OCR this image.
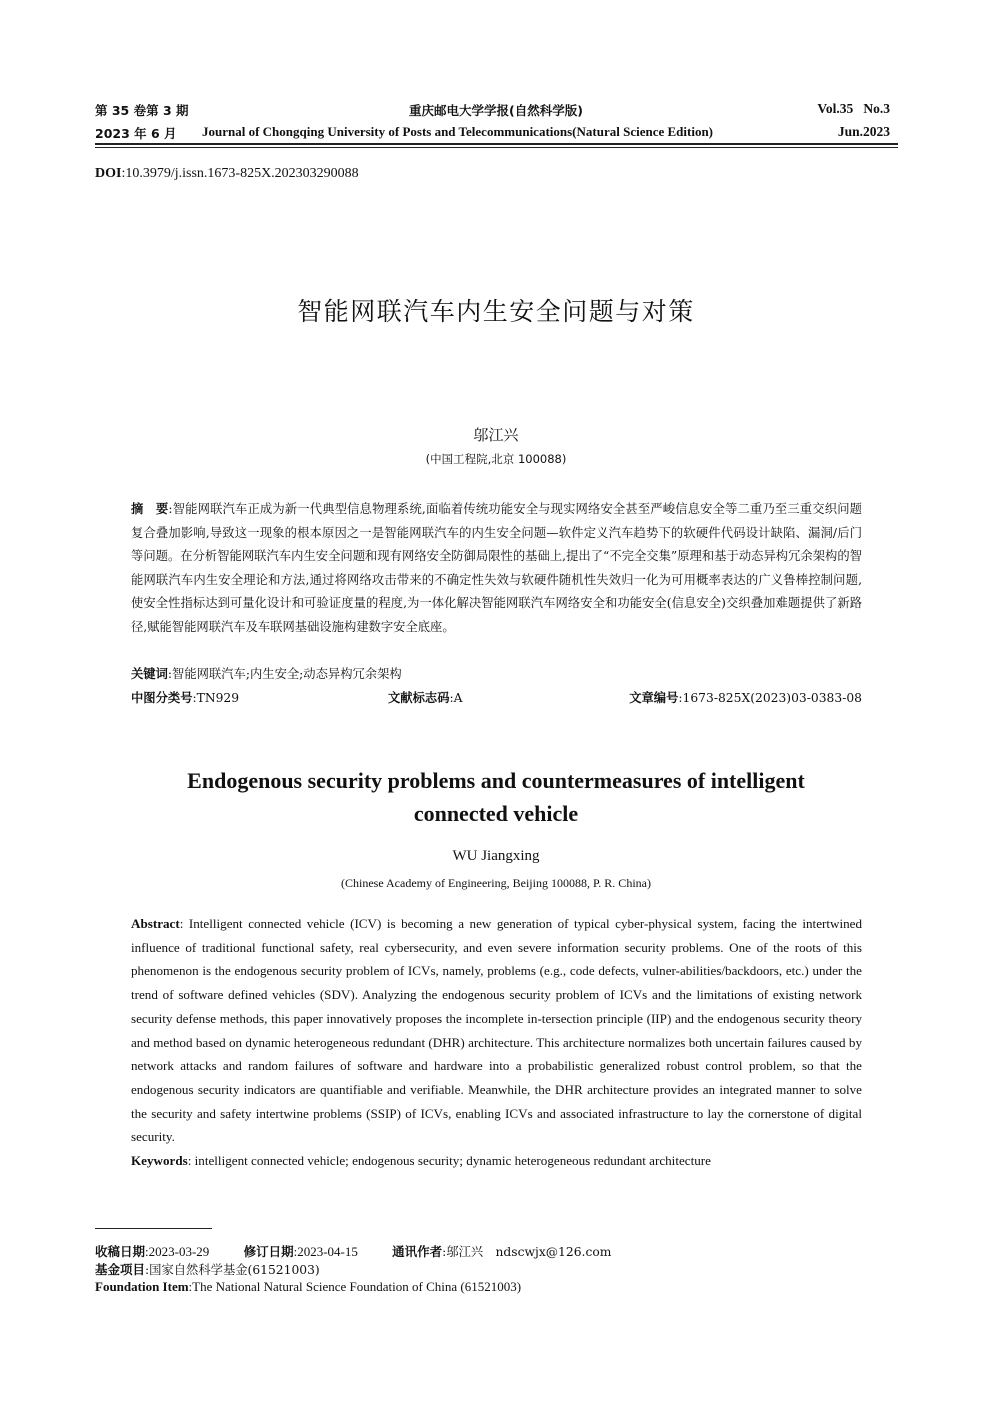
第 35 卷第 3 期	重庆邮电大学学报(自然科学版)	Vol.35   No.3
2023 年 6 月 Journal of Chongqing University of Posts and Telecommunications(Natural Science Edition)	Jun.2023
DOI:10.3979/j.issn.1673-825X.202303290088
智能网联汽车内生安全问题与对策
邬江兴
(中国工程院,北京 100088)
摘　要:智能网联汽车正成为新一代典型信息物理系统,面临着传统功能安全与现实网络安全甚至严峻信息安全等二重乃至三重交织问题复合叠加影响,导致这一现象的根本原因之一是智能网联汽车的内生安全问题—软件定义汽车趋势下的软硬件代码设计缺陷、漏洞/后门等问题。在分析智能网联汽车内生安全问题和现有网络安全防御局限性的基础上,提出了“不完全交集”原理和基于动态异构冗余架构的智能网联汽车内生安全理论和方法,通过将网络攻击带来的不确定性失效与软硬件随机性失效归一化为可用概率表达的广义鲁棒控制问题,使安全性指标达到可量化设计和可验证度量的程度,为一体化解决智能网联汽车网络安全和功能安全(信息安全)交织叠加难题提供了新路径,赋能智能网联汽车及车联网基础设施构建数字安全底座。
关键词:智能网联汽车;内生安全;动态异构冗余架构
中图分类号:TN929	文献标志码:A	文章编号:1673-825X(2023)03-0383-08
Endogenous security problems and countermeasures of intelligent
connected vehicle
WU Jiangxing
(Chinese Academy of Engineering, Beijing 100088, P. R. China)
Abstract: Intelligent connected vehicle (ICV) is becoming a new generation of typical cyber-physical system, facing the intertwined influence of traditional functional safety, real cybersecurity, and even severe information security problems. One of the roots of this phenomenon is the endogenous security problem of ICVs, namely, problems (e.g., code defects, vulner-abilities/backdoors, etc.) under the trend of software defined vehicles (SDV). Analyzing the endogenous security problem of ICVs and the limitations of existing network security defense methods, this paper innovatively proposes the incomplete in-tersection principle (IIP) and the endogenous security theory and method based on dynamic heterogeneous redundant (DHR) architecture. This architecture normalizes both uncertain failures caused by network attacks and random failures of software and hardware into a probabilistic generalized robust control problem, so that the endogenous security indicators are quantifiable and verifiable. Meanwhile, the DHR architecture provides an integrated manner to solve the security and safety intertwine problems (SSIP) of ICVs, enabling ICVs and associated infrastructure to lay the cornerstone of digital security.
Keywords: intelligent connected vehicle; endogenous security; dynamic heterogeneous redundant architecture
收稿日期:2023-03-29	修订日期:2023-04-15	通讯作者:邬江兴　ndscwjx@126.com
基金项目:国家自然科学基金(61521003)
Foundation Item:The National Natural Science Foundation of China (61521003)
